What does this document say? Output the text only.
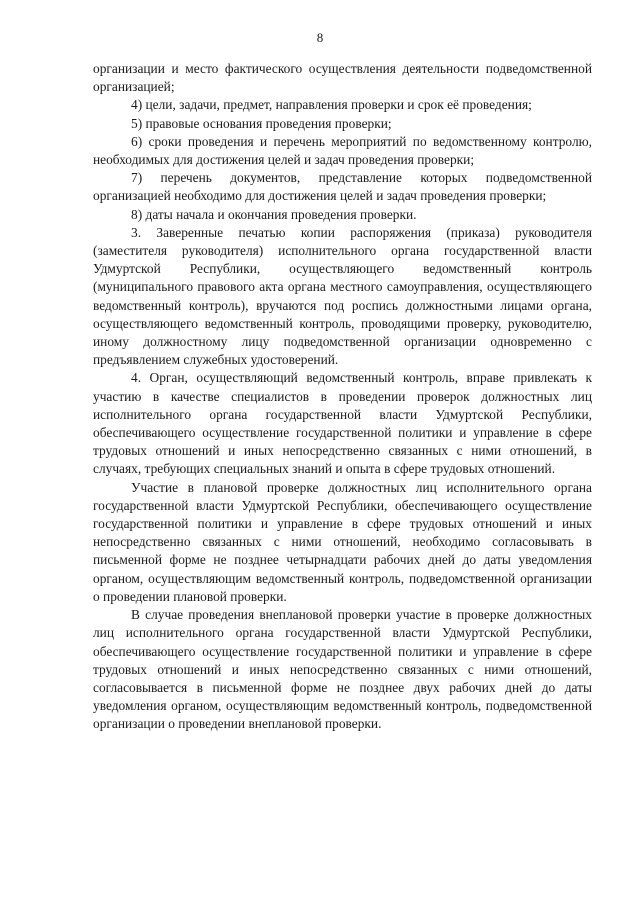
8

организации и место фактического осуществления деятельности подведомственной организацией;

4) цели, задачи, предмет, направления проверки и срок её проведения;

5) правовые основания проведения проверки;

6) сроки проведения и перечень мероприятий по ведомственному контролю, необходимых для достижения целей и задач проведения проверки;

7) перечень документов, представление которых подведомственной организацией необходимо для достижения целей и задач проведения проверки;

8) даты начала и окончания проведения проверки.

3. Заверенные печатью копии распоряжения (приказа) руководителя (заместителя руководителя) исполнительного органа государственной власти Удмуртской Республики, осуществляющего ведомственный контроль (муниципального правового акта органа местного самоуправления, осуществляющего ведомственный контроль), вручаются под роспись должностными лицами органа, осуществляющего ведомственный контроль, проводящими проверку, руководителю, иному должностному лицу подведомственной организации одновременно с предъявлением служебных удостоверений.

4. Орган, осуществляющий ведомственный контроль, вправе привлекать к участию в качестве специалистов в проведении проверок должностных лиц исполнительного органа государственной власти Удмуртской Республики, обеспечивающего осуществление государственной политики и управление в сфере трудовых отношений и иных непосредственно связанных с ними отношений, в случаях, требующих специальных знаний и опыта в сфере трудовых отношений.

Участие в плановой проверке должностных лиц исполнительного органа государственной власти Удмуртской Республики, обеспечивающего осуществление государственной политики и управление в сфере трудовых отношений и иных непосредственно связанных с ними отношений, необходимо согласовывать в письменной форме не позднее четырнадцати рабочих дней до даты уведомления органом, осуществляющим ведомственный контроль, подведомственной организации о проведении плановой проверки.

В случае проведения внеплановой проверки участие в проверке должностных лиц исполнительного органа государственной власти Удмуртской Республики, обеспечивающего осуществление государственной политики и управление в сфере трудовых отношений и иных непосредственно связанных с ними отношений, согласовывается в письменной форме не позднее двух рабочих дней до даты уведомления органом, осуществляющим ведомственный контроль, подведомственной организации о проведении внеплановой проверки.
